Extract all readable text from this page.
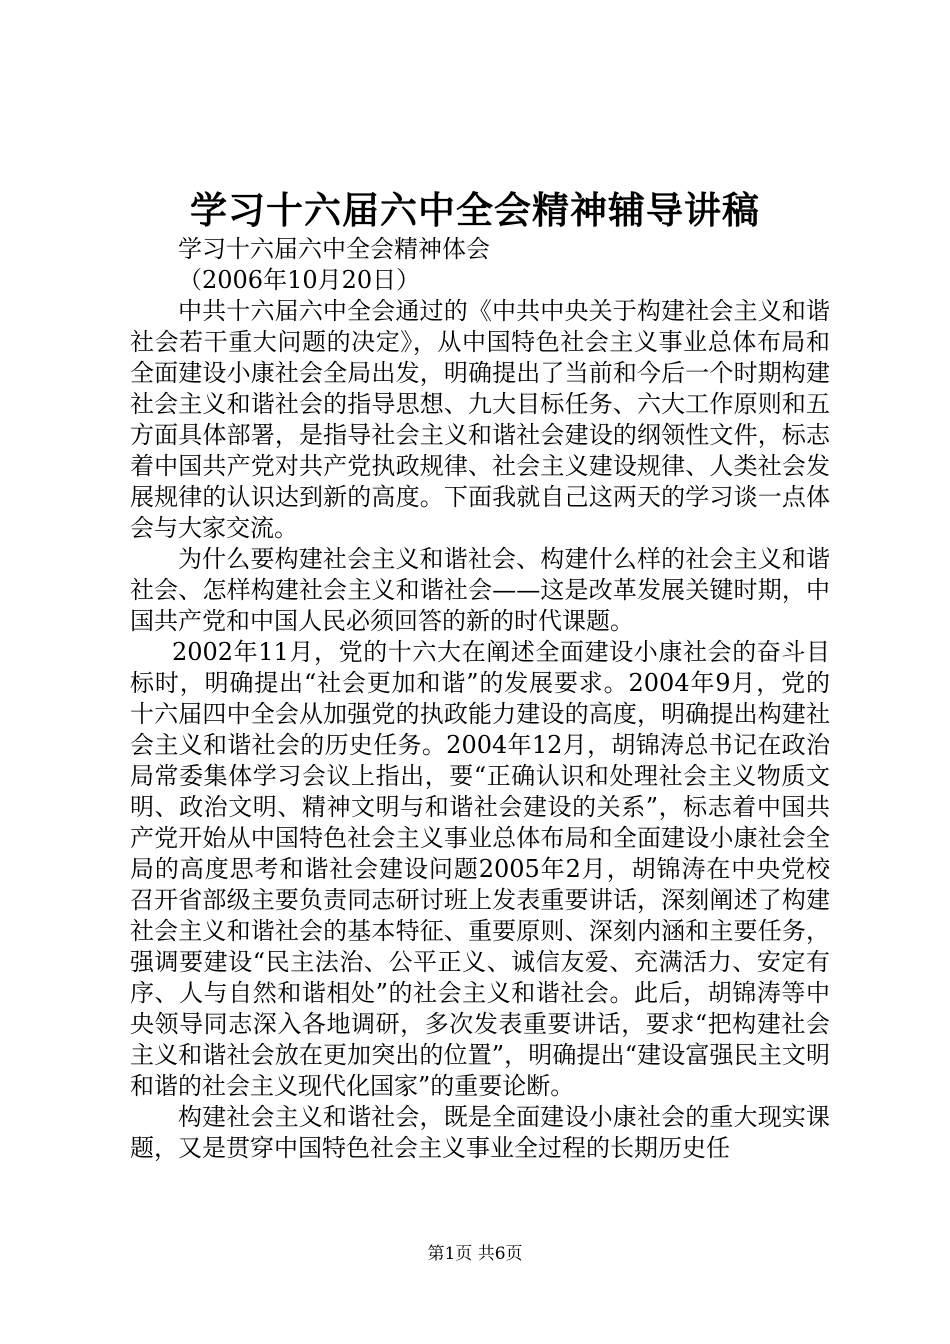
学习十六届六中全会精神辅导讲稿

学习十六届六中全会精神体会

（2006年10月20日）

中共十六届六中全会通过的《中共中央关于构建社会主义和谐社会若干重大问题的决定》，从中国特色社会主义事业总体布局和全面建设小康社会全局出发，明确提出了当前和今后一个时期构建社会主义和谐社会的指导思想、九大目标任务、六大工作原则和五方面具体部署，是指导社会主义和谐社会建设的纲领性文件，标志着中国共产党对共产党执政规律、社会主义建设规律、人类社会发展规律的认识达到新的高度。下面我就自己这两天的学习谈一点体会与大家交流。

为什么要构建社会主义和谐社会、构建什么样的社会主义和谐社会、怎样构建社会主义和谐社会——这是改革发展关键时期，中国共产党和中国人民必须回答的新的时代课题。

2002年11月，党的十六大在阐述全面建设小康社会的奋斗目标时，明确提出“社会更加和谐”的发展要求。2004年9月，党的十六届四中全会从加强党的执政能力建设的高度，明确提出构建社会主义和谐社会的历史任务。2004年12月，胡锦涛总书记在政治局常委集体学习会议上指出，要“正确认识和处理社会主义物质文明、政治文明、精神文明与和谐社会建设的关系”，标志着中国共产党开始从中国特色社会主义事业总体布局和全面建设小康社会全局的高度思考和谐社会建设问题2005年2月，胡锦涛在中央党校召开省部级主要负责同志研讨班上发表重要讲话，深刻阐述了构建社会主义和谐社会的基本特征、重要原则、深刻内涵和主要任务，强调要建设“民主法治、公平正义、诚信友爱、充满活力、安定有序、人与自然和谐相处”的社会主义和谐社会。此后，胡锦涛等中央领导同志深入各地调研，多次发表重要讲话，要求“把构建社会主义和谐社会放在更加突出的位置”，明确提出“建设富强民主文明和谐的社会主义现代化国家”的重要论断。

构建社会主义和谐社会，既是全面建设小康社会的重大现实课题，又是贯穿中国特色社会主义事业全过程的长期历史任

第1页 共6页
